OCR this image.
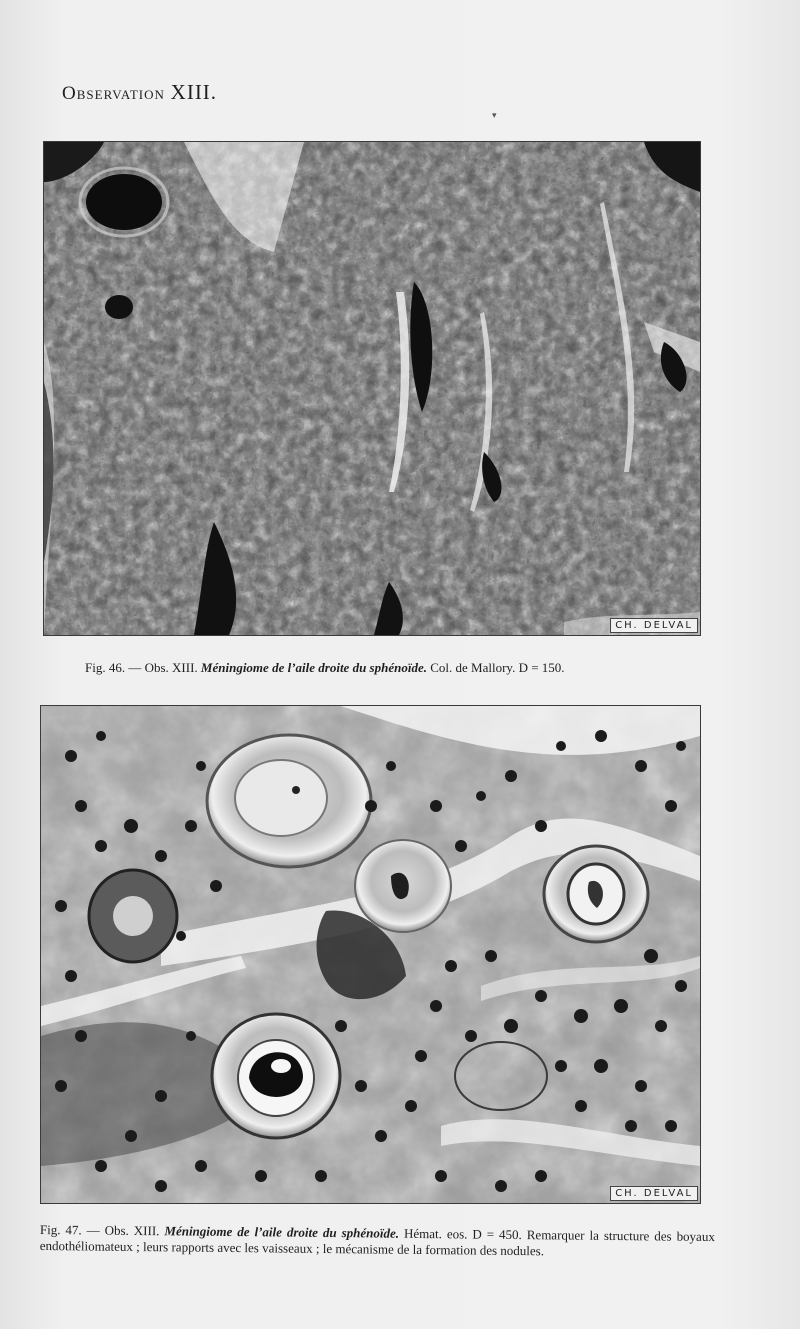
Observation XIII.
▾
CH. DELVAL
Fig. 46. — Obs. XIII. Méningiome de l’aile droite du sphénoïde. Col. de Mallory. D = 150.
CH. DELVAL
Fig. 47. — Obs. XIII. Méningiome de l’aile droite du sphénoïde. Hémat. eos. D = 450. Remarquer la structure des boyaux endothéliomateux ; leurs rapports avec les vaisseaux ; le mécanisme de la formation des nodules.
